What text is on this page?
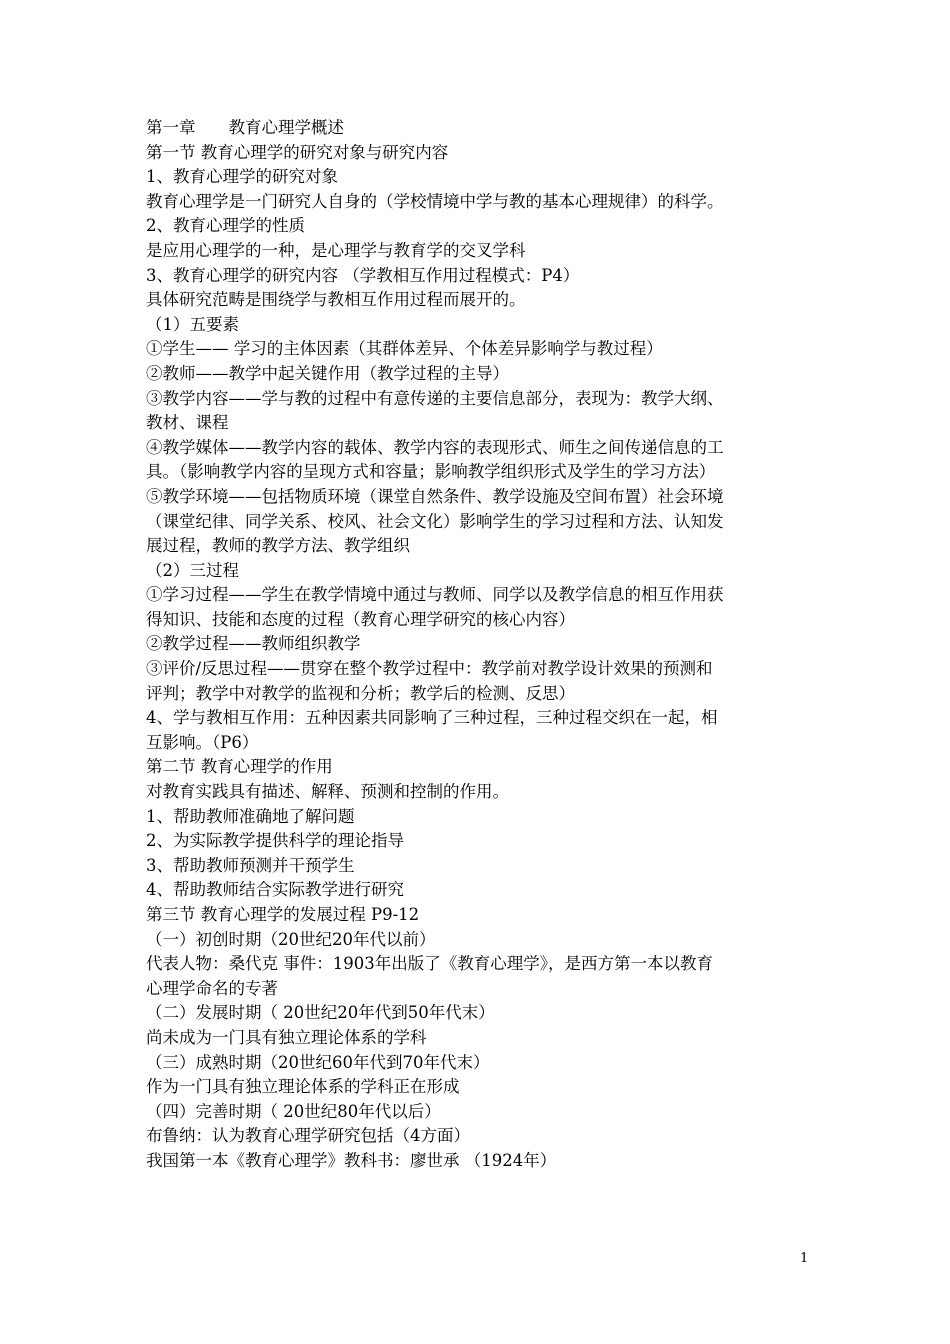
第一章　　教育心理学概述
第一节 教育心理学的研究对象与研究内容
1、教育心理学的研究对象
教育心理学是一门研究人自身的（学校情境中学与教的基本心理规律）的科学。
2、教育心理学的性质
是应用心理学的一种，是心理学与教育学的交叉学科
3、教育心理学的研究内容 （学教相互作用过程模式：P4）
具体研究范畴是围绕学与教相互作用过程而展开的。
（1）五要素
①学生—— 学习的主体因素（其群体差异、个体差异影响学与教过程）
②教师——教学中起关键作用（教学过程的主导）
③教学内容——学与教的过程中有意传递的主要信息部分，表现为：教学大纲、
教材、课程
④教学媒体——教学内容的载体、教学内容的表现形式、师生之间传递信息的工
具。（影响教学内容的呈现方式和容量；影响教学组织形式及学生的学习方法）
⑤教学环境——包括物质环境（课堂自然条件、教学设施及空间布置）社会环境
（课堂纪律、同学关系、校风、社会文化）影响学生的学习过程和方法、认知发
展过程，教师的教学方法、教学组织
（2）三过程
①学习过程——学生在教学情境中通过与教师、同学以及教学信息的相互作用获
得知识、技能和态度的过程（教育心理学研究的核心内容）
②教学过程——教师组织教学
③评价/反思过程——贯穿在整个教学过程中：教学前对教学设计效果的预测和
评判；教学中对教学的监视和分析；教学后的检测、反思）
4、学与教相互作用：五种因素共同影响了三种过程，三种过程交织在一起，相
互影响。（P6）
第二节 教育心理学的作用
对教育实践具有描述、解释、预测和控制的作用。
1、帮助教师准确地了解问题
2、为实际教学提供科学的理论指导
3、帮助教师预测并干预学生
4、帮助教师结合实际教学进行研究
第三节 教育心理学的发展过程 P9-12
（一）初创时期（20世纪20年代以前）
代表人物：桑代克 事件：1903年出版了《教育心理学》，是西方第一本以教育
心理学命名的专著
（二）发展时期（ 20世纪20年代到50年代末）
尚未成为一门具有独立理论体系的学科
（三）成熟时期（20世纪60年代到70年代末）
作为一门具有独立理论体系的学科正在形成
（四）完善时期（ 20世纪80年代以后）
布鲁纳：认为教育心理学研究包括（4方面）
我国第一本《教育心理学》教科书：廖世承 （1924年）
1
